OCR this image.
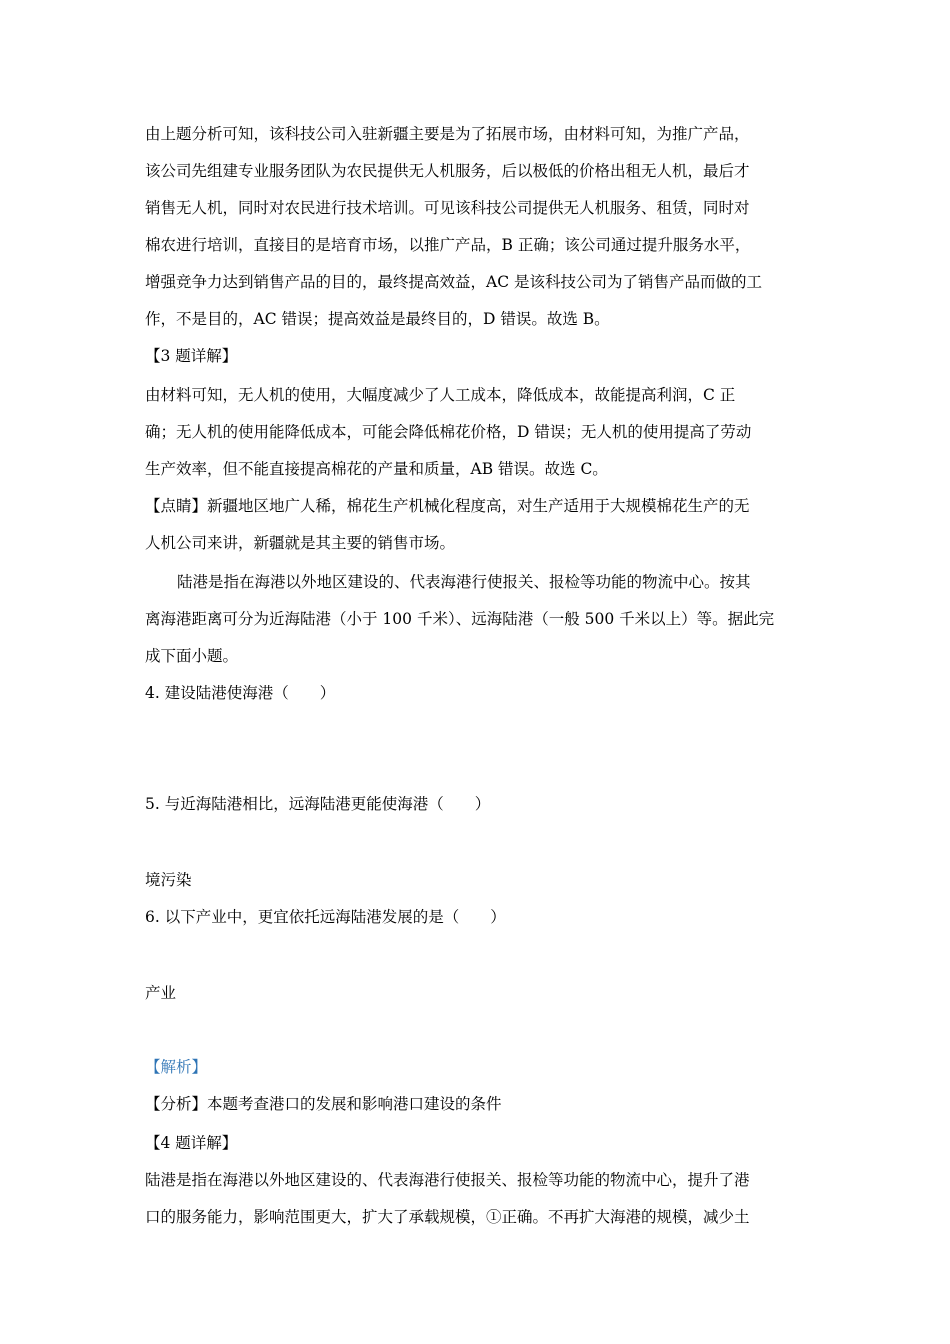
由上题分析可知，该科技公司入驻新疆主要是为了拓展市场，由材料可知，为推广产品，
该公司先组建专业服务团队为农民提供无人机服务，后以极低的价格出租无人机，最后才
销售无人机，同时对农民进行技术培训。可见该科技公司提供无人机服务、租赁，同时对
棉农进行培训，直接目的是培育市场，以推广产品，B 正确；该公司通过提升服务水平，
增强竞争力达到销售产品的目的，最终提高效益，AC 是该科技公司为了销售产品而做的工
作，不是目的，AC 错误；提高效益是最终目的，D 错误。故选 B。
【3 题详解】
由材料可知，无人机的使用，大幅度减少了人工成本，降低成本，故能提高利润，C 正
确；无人机的使用能降低成本，可能会降低棉花价格，D 错误；无人机的使用提高了劳动
生产效率，但不能直接提高棉花的产量和质量，AB 错误。故选 C。
【点睛】新疆地区地广人稀，棉花生产机械化程度高，对生产适用于大规模棉花生产的无
人机公司来讲，新疆就是其主要的销售市场。
陆港是指在海港以外地区建设的、代表海港行使报关、报检等功能的物流中心。按其
离海港距离可分为近海陆港（小于 100 千米）、远海陆港（一般 500 千米以上）等。据此完
成下面小题。
4. 建设陆港使海港（　　）
5. 与近海陆港相比，远海陆港更能使海港（　　）
境污染
6. 以下产业中，更宜依托远海陆港发展的是（　　）
产业
【解析】
【分析】本题考查港口的发展和影响港口建设的条件
【4 题详解】
陆港是指在海港以外地区建设的、代表海港行使报关、报检等功能的物流中心，提升了港
口的服务能力，影响范围更大，扩大了承载规模，①正确。不再扩大海港的规模，减少土
